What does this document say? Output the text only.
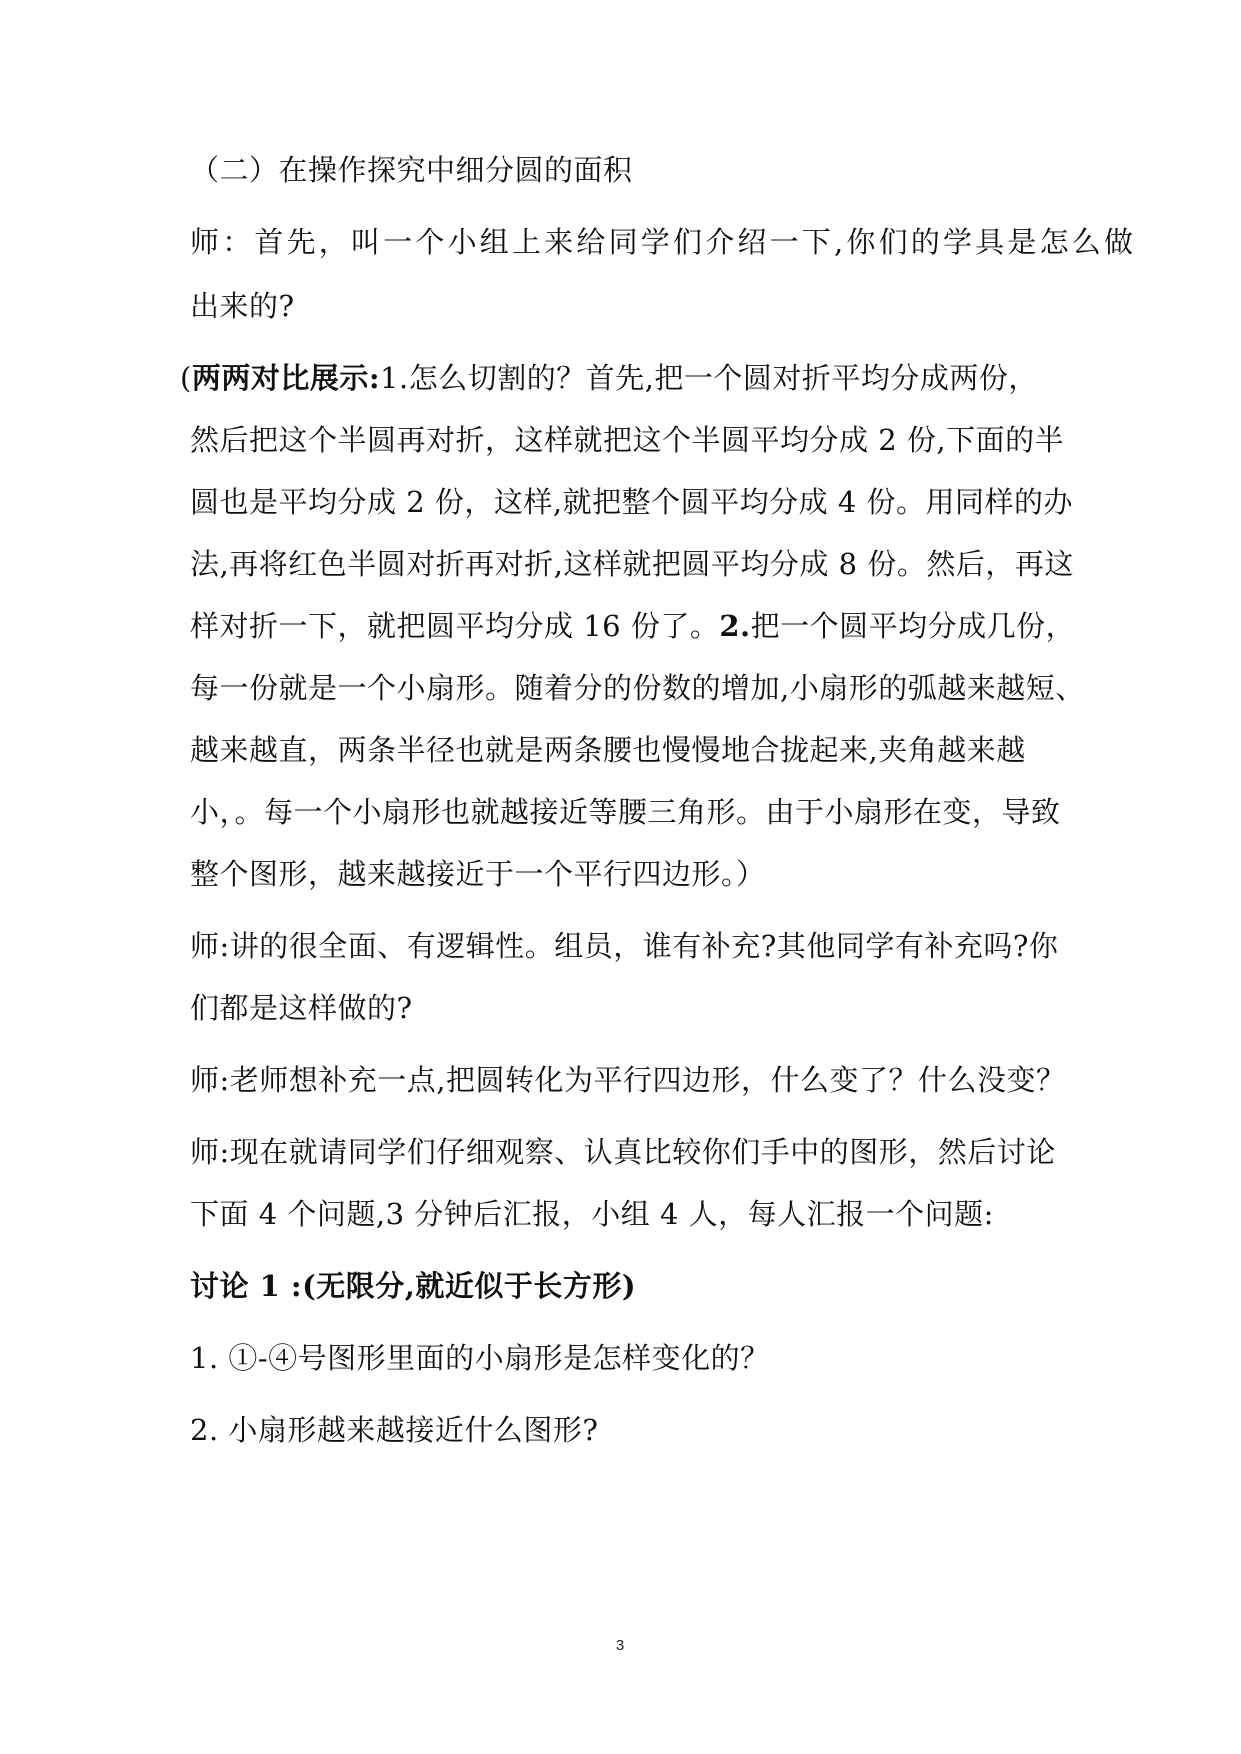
（二）在操作探究中细分圆的面积
师：首先，叫一个小组上来给同学们介绍一下,你们的学具是怎么做
出来的?
(两两对比展示:1.怎么切割的？首先,把一个圆对折平均分成两份，
然后把这个半圆再对折，这样就把这个半圆平均分成 2 份,下面的半
圆也是平均分成 2 份，这样,就把整个圆平均分成 4 份。用同样的办
法,再将红色半圆对折再对折,这样就把圆平均分成 8 份。然后，再这
样对折一下，就把圆平均分成 16 份了。2.把一个圆平均分成几份，
每一份就是一个小扇形。随着分的份数的增加,小扇形的弧越来越短、
越来越直，两条半径也就是两条腰也慢慢地合拢起来,夹角越来越
小，。每一个小扇形也就越接近等腰三角形。由于小扇形在变，导致
整个图形，越来越接近于一个平行四边形。）
师:讲的很全面、有逻辑性。组员，谁有补充?其他同学有补充吗?你
们都是这样做的?
师:老师想补充一点,把圆转化为平行四边形，什么变了？什么没变？
师:现在就请同学们仔细观察、认真比较你们手中的图形，然后讨论
下面 4 个问题,3 分钟后汇报，小组 4 人，每人汇报一个问题:
讨论 1 :(无限分,就近似于长方形)
1. ①-④号图形里面的小扇形是怎样变化的？
2. 小扇形越来越接近什么图形?
3
